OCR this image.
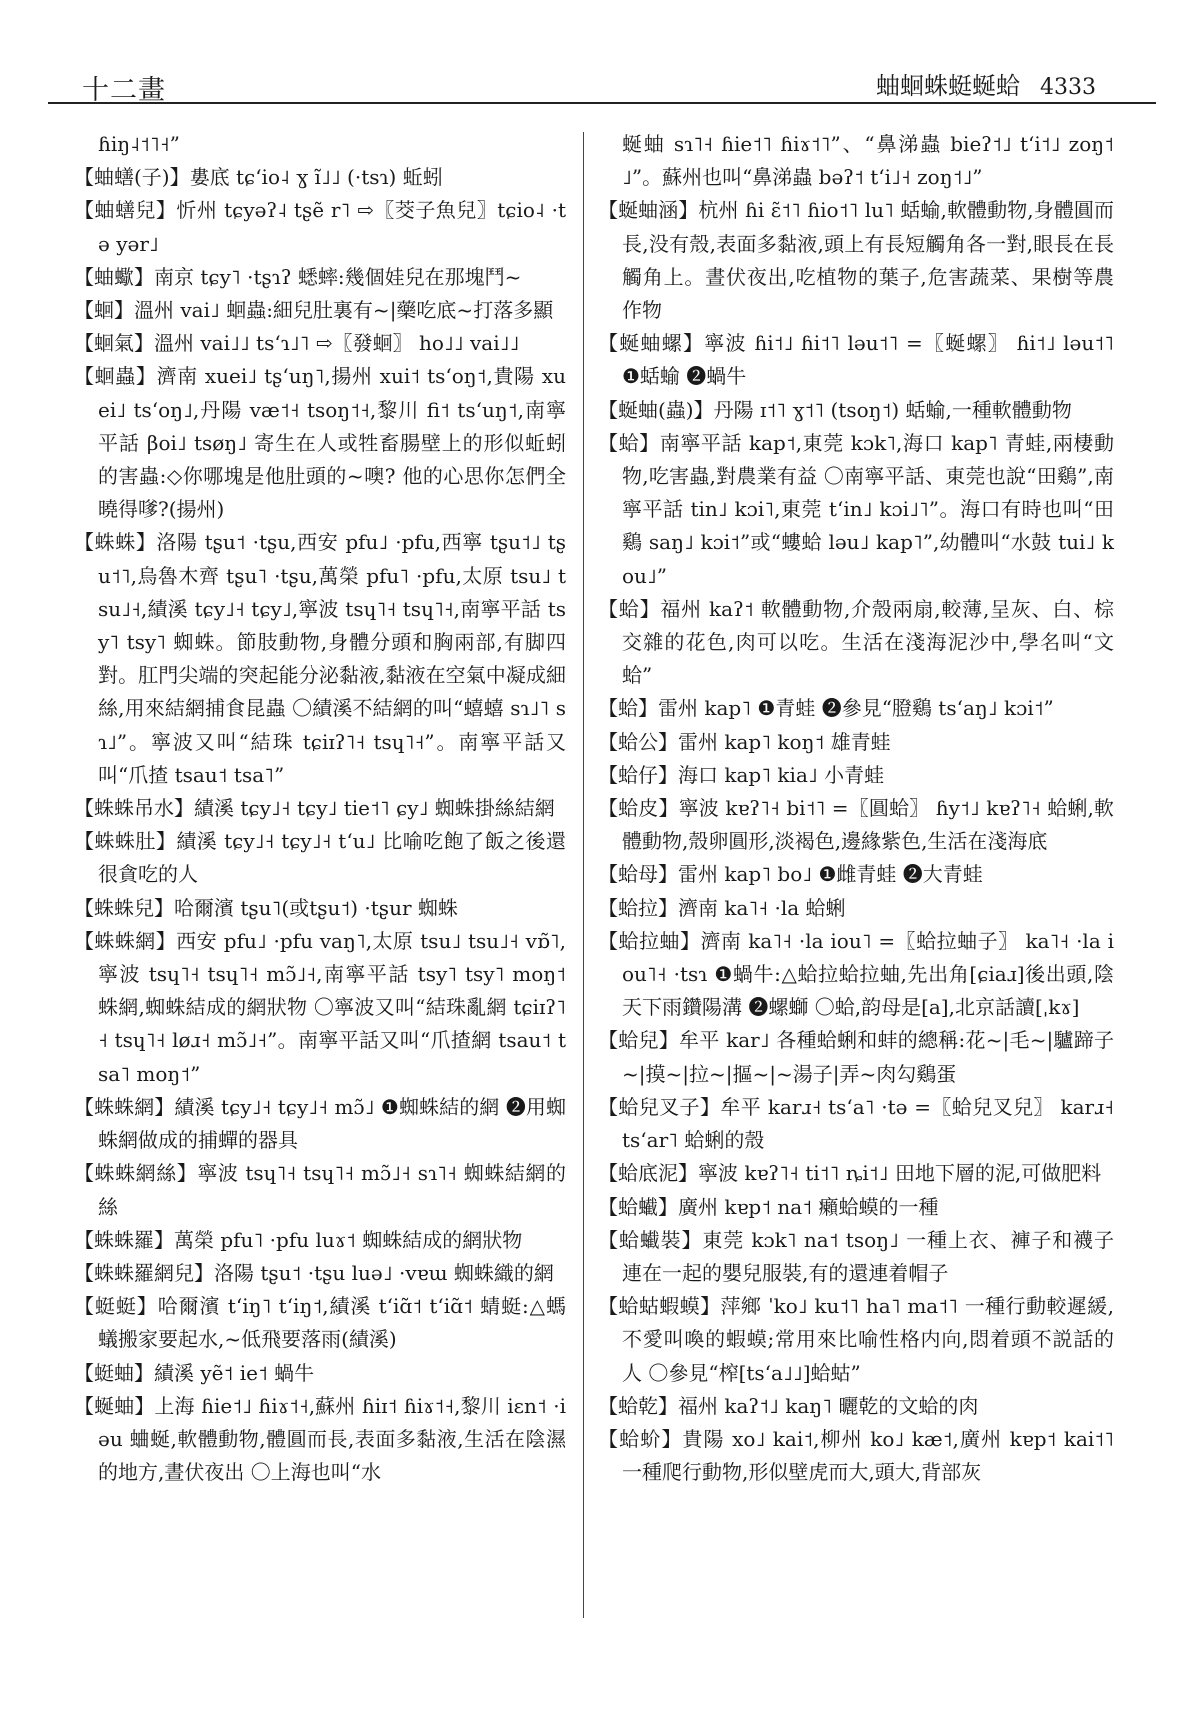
十二畫	蚰蛔蛛蜓蜒蛤 4333

ɦiŋ˨˦˥˧”

【蚰蟮(子)】婁底 tɕʻio˨ ɣ ĩ˩˩ (·tsɿ) 蚯蚓

【蚰蟮兒】忻州 tɕyəʔ˨ tʂẽ r˥ ⇨〖茭子魚兒〗tɕio˨ ·tə yər˩

【蚰蠍】南京 tɕy˥ ·tʂɿʔ 蟋蟀:幾個娃兒在那塊鬥~

【蛔】溫州 vai˩ 蛔蟲:細兒肚裏有~|藥吃底~打落多顯

【蛔氣】溫州 vai˩˩ tsʻɿ˩˥ ⇨〖發蛔〗 ho˩˩ vai˩˩

【蛔蟲】濟南 xuei˩ tʂʻuŋ˥,揚州 xui˦ tsʻoŋ˦,貴陽 xuei˩ tsʻoŋ˩,丹陽 væ˦˧ tsoŋ˦˧,黎川 fi˦ tsʻuŋ˦,南寧平話 βoi˩ tsøŋ˩ 寄生在人或牲畜腸壁上的形似蚯蚓的害蟲:◇你哪塊是他肚頭的~噢? 他的心思你怎們全曉得嗲?(揚州)

【蛛蛛】洛陽 tʂu˦ ·tʂu,西安 pfu˩ ·pfu,西寧 tʂu˦˩ tʂu˦˥,烏魯木齊 tʂu˥ ·tʂu,萬榮 pfu˥ ·pfu,太原 tsu˩ tsu˩˧,績溪 tɕy˩˧ tɕy˩,寧波 tsɥ˥˧ tsɥ˥˧,南寧平話 tsy˥ tsy˥ 蜘蛛。節肢動物,身體分頭和胸兩部,有脚四對。肛門尖端的突起能分泌黏液,黏液在空氣中凝成細絲,用來結網捕食昆蟲 〇績溪不結網的叫“蟢蟢 sɿ˩˥ sɿ˩”。寧波又叫“結珠 tɕiɪʔ˥˧ tsɥ˥˧”。南寧平話又叫“爪揸 tsau˦ tsa˥”

【蛛蛛吊水】績溪 tɕy˩˧ tɕy˩ tie˦˥ ɕy˩ 蜘蛛掛絲結網

【蛛蛛肚】績溪 tɕy˩˧ tɕy˩˧ tʻu˩ 比喻吃飽了飯之後還很貪吃的人

【蛛蛛兒】哈爾濱 tʂu˥(或tʂu˦) ·tʂur 蜘蛛

【蛛蛛網】西安 pfu˩ ·pfu vaŋ˥,太原 tsu˩ tsu˩˧ vɒ̃˥,寧波 tsɥ˥˧ tsɥ˥˧ mɔ̃˩˧,南寧平話 tsy˥ tsy˥ moŋ˦ 蛛網,蜘蛛結成的網狀物 〇寧波又叫“結珠亂網 tɕiɪʔ˥˧ tsɥ˥˧ løɹ˧ mɔ̃˩˧”。南寧平話又叫“爪揸網 tsau˦ tsa˥ moŋ˦”

【蛛蛛網】績溪 tɕy˩˧ tɕy˩˧ mɔ̃˩ ❶蜘蛛結的網 ❷用蜘蛛網做成的捕蟬的器具

【蛛蛛網絲】寧波 tsɥ˥˧ tsɥ˥˧ mɔ̃˩˧ sɿ˥˧ 蜘蛛結網的絲

【蛛蛛羅】萬榮 pfu˥ ·pfu luɤ˦ 蜘蛛結成的網狀物

【蛛蛛羅網兒】洛陽 tʂu˦ ·tʂu luə˩ ·vɐɯ 蜘蛛織的網

【蜓蜓】哈爾濱 tʻiŋ˥ tʻiŋ˦,績溪 tʻiɑ̃˦ tʻiɑ̃˦ 蜻蜓:△螞蟻搬家要起水,~低飛要落雨(績溪)

【蜓蚰】績溪 yẽ˦ ie˦ 蝸牛

【蜒蚰】上海 ɦie˦˩ ɦiɤ˦˧,蘇州 ɦiɪ˦ ɦiɤ˦˧,黎川 iɛn˦ ·iəu 蛐蜒,軟體動物,體圓而長,表面多黏液,生活在陰濕的地方,晝伏夜出 〇上海也叫“水

蜒蚰 sɿ˥˧ ɦie˦˥ ɦiɤ˦˥”、“鼻涕蟲 bieʔ˦˩ tʻi˦˩ zoŋ˦˩”。蘇州也叫“鼻涕蟲 bəʔ˦ tʻi˩˧ zoŋ˦˩”

【蜒蚰涵】杭州 ɦi ɛ̃˦˥ ɦio˦˥ lu˥ 蛞蝓,軟體動物,身體圓而長,没有殼,表面多黏液,頭上有長短觸角各一對,眼長在長觸角上。晝伏夜出,吃植物的葉子,危害蔬菜、果樹等農作物

【蜒蚰螺】寧波 ɦi˦˩ ɦi˦˥ ləu˦˥ =〖蜒螺〗 ɦi˦˩ ləu˦˥ ❶蛞蝓 ❷蝸牛

【蜒蚰(蟲)】丹陽 ɪ˦˥ ɣ˦˥ (tsoŋ˦) 蛞蝓,一種軟體動物

【蛤】南寧平話 kap˦,東莞 kɔk˥,海口 kap˥ 青蛙,兩棲動物,吃害蟲,對農業有益 〇南寧平話、東莞也說“田鷄”,南寧平話 tin˩ kɔi˥,東莞 tʻin˩ kɔi˩˥”。海口有時也叫“田鷄 saŋ˩ kɔi˦”或“螻蛤 ləu˩ kap˥”,幼體叫“水鼓 tui˩ kou˩”

【蛤】福州 kaʔ˦ 軟體動物,介殼兩扇,較薄,呈灰、白、棕交雜的花色,肉可以吃。生活在淺海泥沙中,學名叫“文蛤”

【蛤】雷州 kap˥ ❶青蛙 ❷參見“膯鷄 tsʻaŋ˩ kɔi˦”

【蛤公】雷州 kap˥ koŋ˦ 雄青蛙

【蛤仔】海口 kap˥ kia˩ 小青蛙

【蛤皮】寧波 kɐʔ˥˧ bi˦˥ =〖圓蛤〗 ɦy˦˩ kɐʔ˥˧ 蛤蜊,軟體動物,殼卵圓形,淡褐色,邊緣紫色,生活在淺海底

【蛤母】雷州 kap˥ bo˩ ❶雌青蛙 ❷大青蛙

【蛤拉】濟南 ka˥˧ ·la 蛤蜊

【蛤拉蚰】濟南 ka˥˧ ·la iou˥ =〖蛤拉蚰子〗 ka˥˧ ·la iou˥˧ ·tsɿ ❶蝸牛:△蛤拉蛤拉蚰,先出角[ɕiaɹ]後出頭,陰天下雨鑽陽溝 ❷螺螄 〇蛤,韵母是[a],北京話讀[ˌkɤ]

【蛤兒】牟平 kar˩ 各種蛤蜊和蚌的總稱:花~|毛~|驢蹄子~|摸~|拉~|摳~|~湯子|弄~肉勾鷄蛋

【蛤兒叉子】牟平 karɹ˧ tsʻa˥ ·tə =〖蛤兒叉兒〗 karɹ˧ tsʻar˥ 蛤蜊的殼

【蛤底泥】寧波 kɐʔ˥˧ ti˦˥ ȵi˦˩ 田地下層的泥,可做肥料

【蛤蠘】廣州 kɐp˦ na˦ 癩蛤蟆的一種

【蛤蠘裝】東莞 kɔk˥ na˦ tsoŋ˩ 一種上衣、褲子和襪子連在一起的嬰兒服裝,有的還連着帽子

【蛤蛄蝦蟆】萍鄉 ˈko˩ ku˦˥ ha˥ ma˦˥ 一種行動較遲緩,不愛叫喚的蝦蟆;常用來比喻性格内向,悶着頭不説話的人 〇參見“榨[tsʻa˩˩]蛤蛄”

【蛤乾】福州 kaʔ˦˩ kaŋ˥ 曬乾的文蛤的肉

【蛤蚧】貴陽 xo˩ kai˦,柳州 ko˩ kæ˦,廣州 kɐp˦ kai˦˥ 一種爬行動物,形似壁虎而大,頭大,背部灰
